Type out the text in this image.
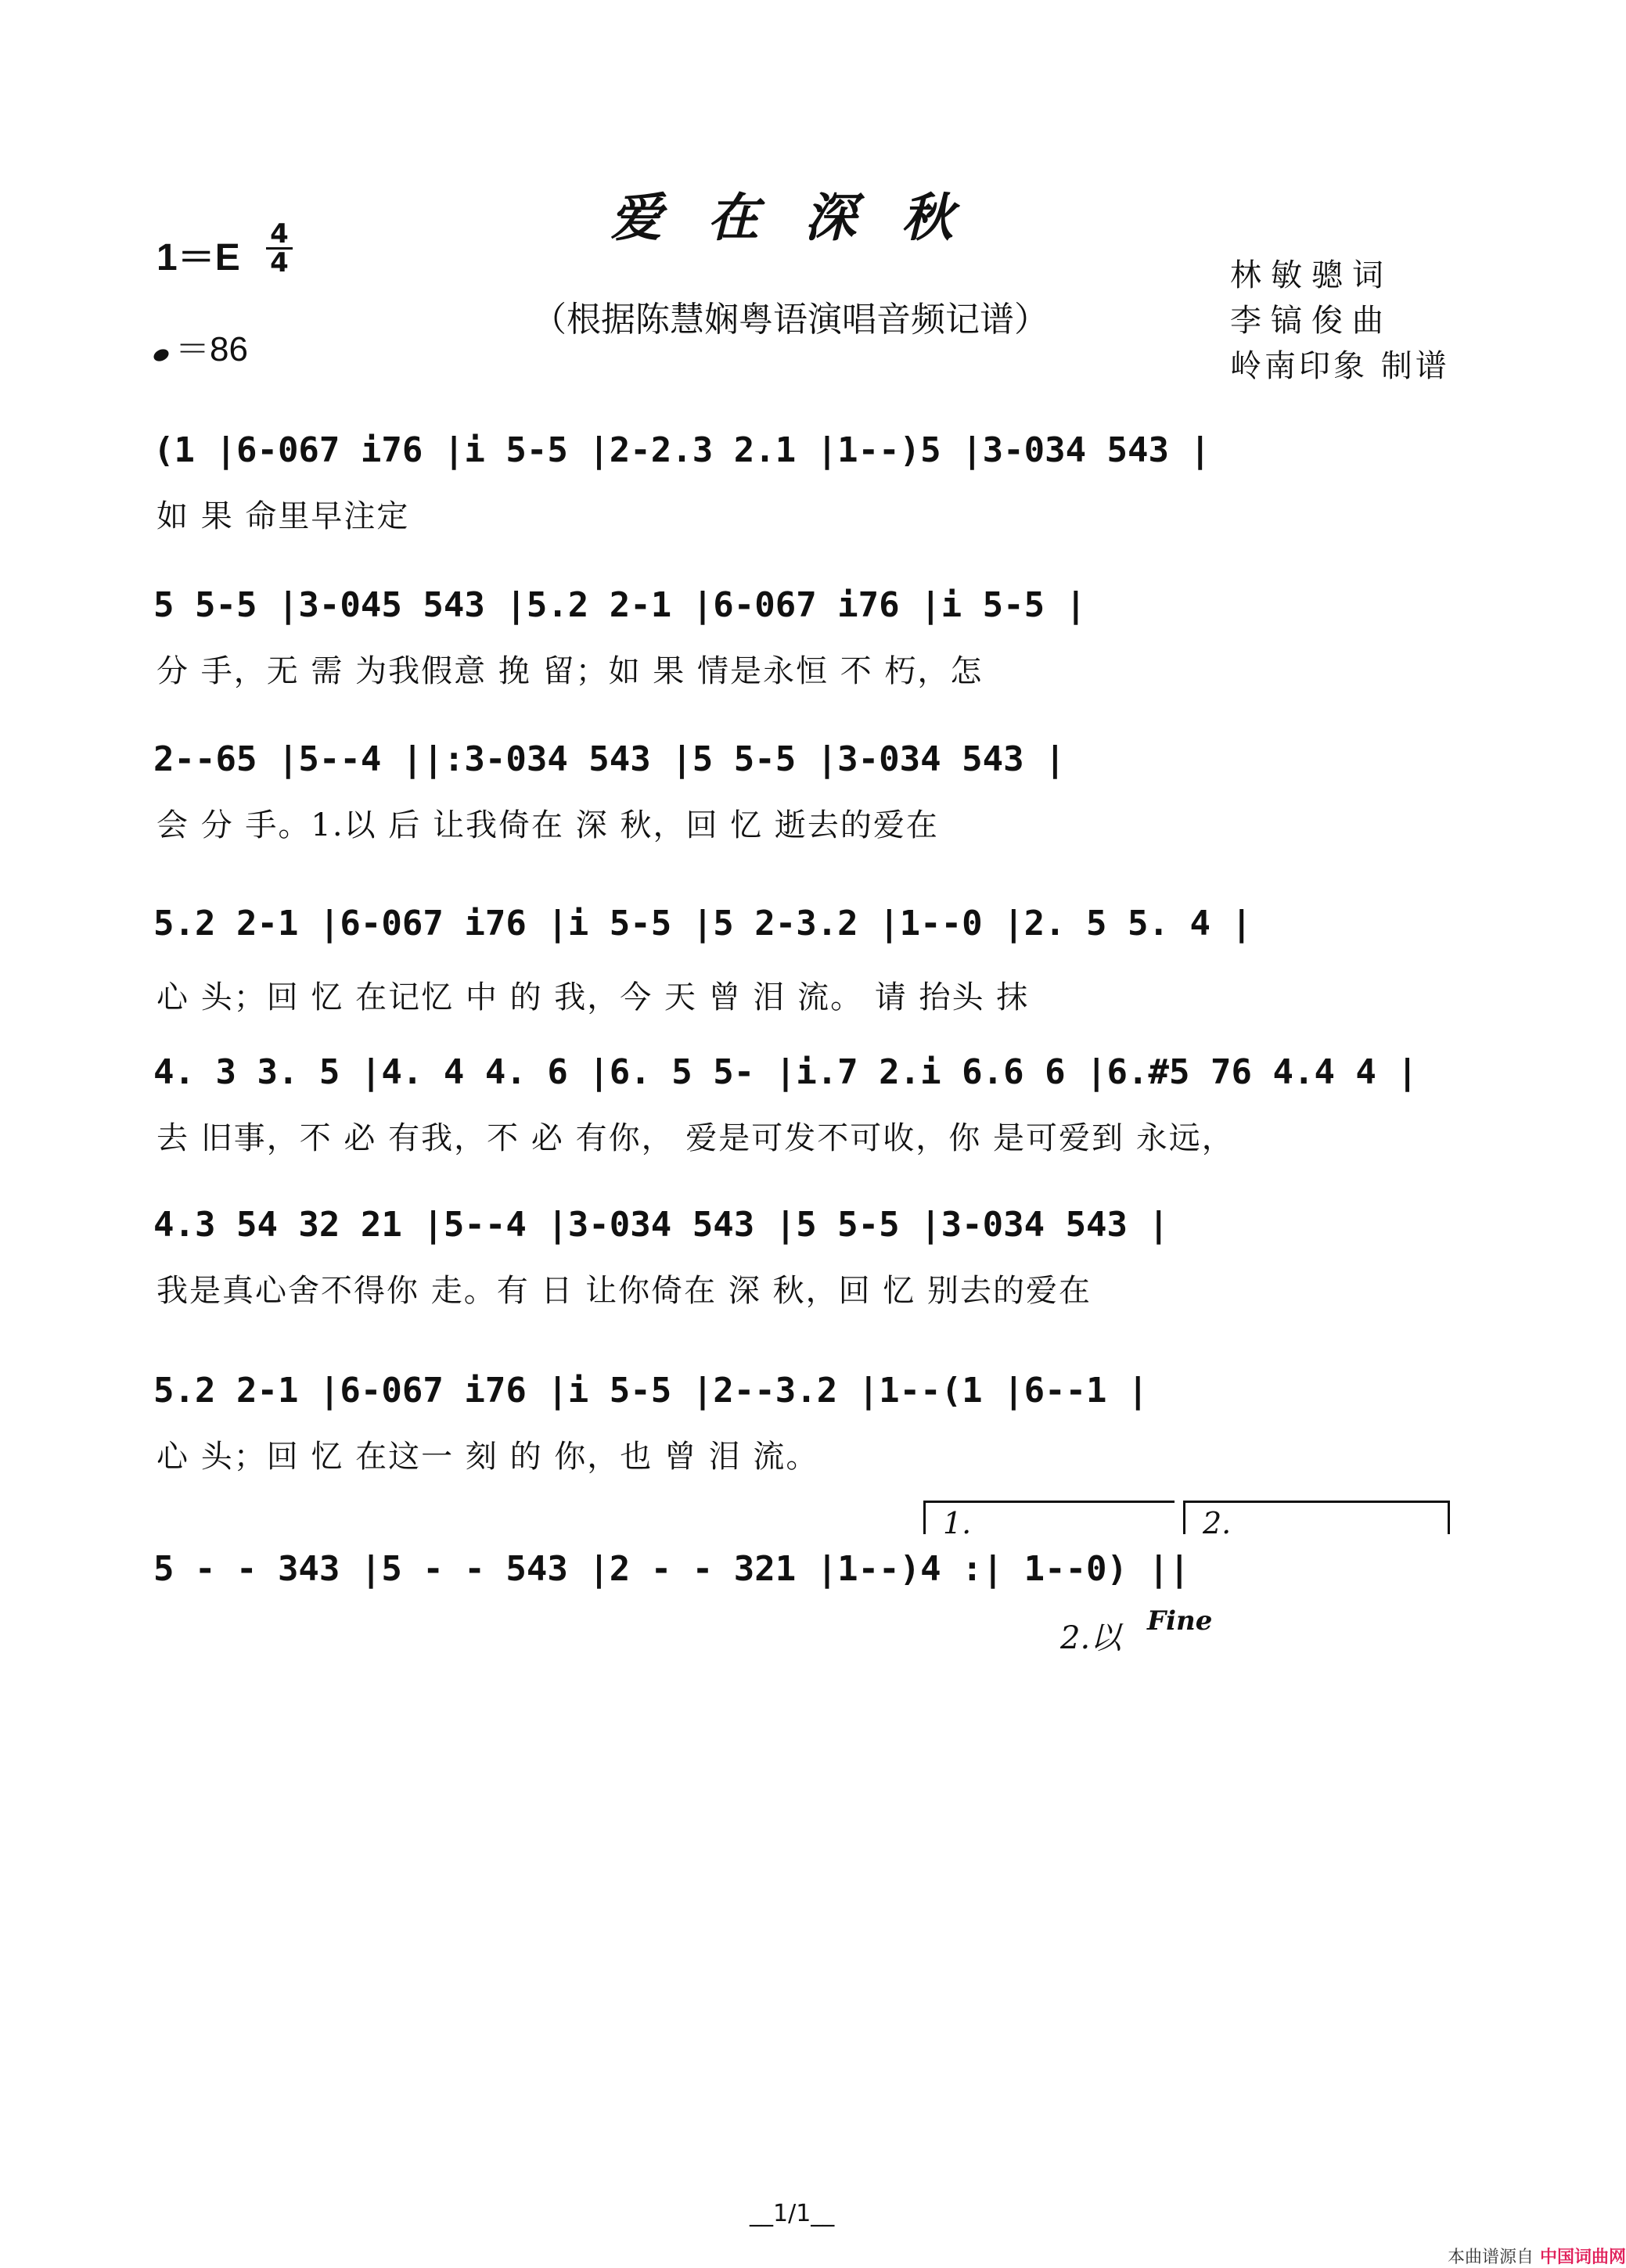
爱在深秋
（根据陈慧娴粤语演唱音频记谱）
1＝E
4
4
＝86
林敏骢词
李镐俊曲
岭南印象 制谱
(1 |6-067 i76 |i 5-5 |2-2.3 2.1 |1--)5 |3-034 543 |
如 果 命里早注定
5 5-5 |3-045 543 |5.2 2-1 |6-067 i76 |i 5-5 |
分 手，无 需 为我假意 挽 留；如 果 情是永恒 不 朽，怎
2--65 |5--4 ||:3-034 543 |5 5-5 |3-034 543 |
会 分 手。1.以 后 让我倚在 深 秋，回 忆 逝去的爱在
5.2 2-1 |6-067 i76 |i 5-5 |5 2-3.2 |1--0 |2. 5 5. 4 |
心 头；回 忆 在记忆 中 的 我，今 天 曾 泪 流。 请 抬头 抹
4. 3 3. 5 |4. 4 4. 6 |6. 5 5- |i.7 2.i 6.6 6 |6.#5 76 4.4 4 |
去 旧事，不 必 有我，不 必 有你， 爱是可发不可收，你 是可爱到 永远，
4.3 54 32 21 |5--4 |3-034 543 |5 5-5 |3-034 543 |
我是真心舍不得你 走。有 日 让你倚在 深 秋，回 忆 别去的爱在
5.2 2-1 |6-067 i76 |i 5-5 |2--3.2 |1--(1 |6--1 |
心 头；回 忆 在这一 刻 的 你，也 曾 泪 流。
1.	2.
5 - - 343 |5 - - 543 |2 - - 321 |1--)4 :| 1--0) ||
2.以 Fine
__1/1__
本曲谱源自 中国词曲网
